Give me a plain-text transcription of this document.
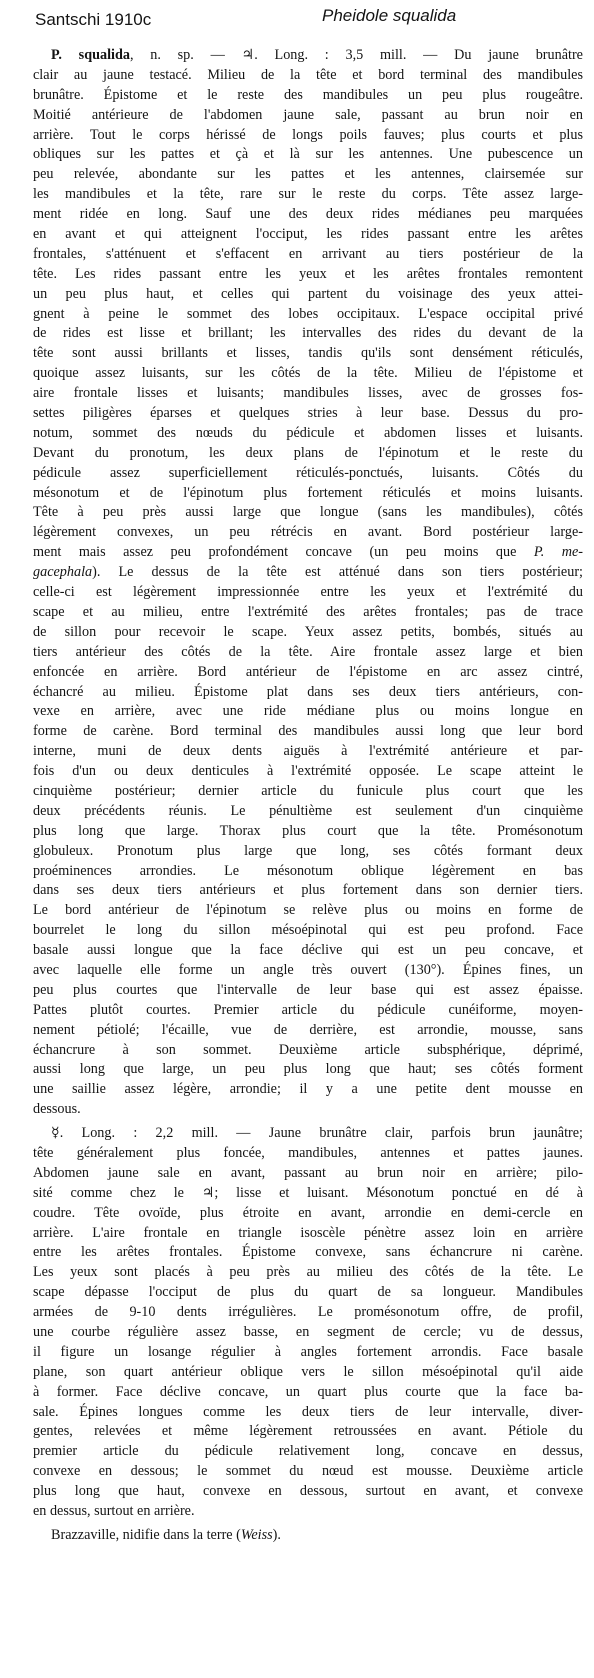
Santschi 1910c	Pheidole squalida
P. squalida, n. sp. — ♃. Long. : 3,5 mill. — Du jaune brunâtre
clair au jaune testacé. Milieu de la tête et bord terminal des mandibules
brunâtre. Épistome et le reste des mandibules un peu plus rougeâtre.
Moitié antérieure de l'abdomen jaune sale, passant au brun noir en
arrière. Tout le corps hérissé de longs poils fauves; plus courts et plus
obliques sur les pattes et çà et là sur les antennes. Une pubescence un
peu relevée, abondante sur les pattes et les antennes, clairsemée sur
les mandibules et la tête, rare sur le reste du corps. Tête assez large-
ment ridée en long. Sauf une des deux rides médianes peu marquées
en avant et qui atteignent l'occiput, les rides passant entre les arêtes
frontales, s'atténuent et s'effacent en arrivant au tiers postérieur de la
tête. Les rides passant entre les yeux et les arêtes frontales remontent
un peu plus haut, et celles qui partent du voisinage des yeux attei-
gnent à peine le sommet des lobes occipitaux. L'espace occipital privé
de rides est lisse et brillant; les intervalles des rides du devant de la
tête sont aussi brillants et lisses, tandis qu'ils sont densément réticulés,
quoique assez luisants, sur les côtés de la tête. Milieu de l'épistome et
aire frontale lisses et luisants; mandibules lisses, avec de grosses fos-
settes piligères éparses et quelques stries à leur base. Dessus du pro-
notum, sommet des nœuds du pédicule et abdomen lisses et luisants.
Devant du pronotum, les deux plans de l'épinotum et le reste du
pédicule assez superficiellement réticulés-ponctués, luisants. Côtés du
mésonotum et de l'épinotum plus fortement réticulés et moins luisants.
Tête à peu près aussi large que longue (sans les mandibules), côtés
légèrement convexes, un peu rétrécis en avant. Bord postérieur large-
ment mais assez peu profondément concave (un peu moins que P. me-
gacephala). Le dessus de la tête est atténué dans son tiers postérieur;
celle-ci est légèrement impressionnée entre les yeux et l'extrémité du
scape et au milieu, entre l'extrémité des arêtes frontales; pas de trace
de sillon pour recevoir le scape. Yeux assez petits, bombés, situés au
tiers antérieur des côtés de la tête. Aire frontale assez large et bien
enfoncée en arrière. Bord antérieur de l'épistome en arc assez cintré,
échancré au milieu. Épistome plat dans ses deux tiers antérieurs, con-
vexe en arrière, avec une ride médiane plus ou moins longue en
forme de carène. Bord terminal des mandibules aussi long que leur bord
interne, muni de deux dents aiguës à l'extrémité antérieure et par-
fois d'un ou deux denticules à l'extrémité opposée. Le scape atteint le
cinquième postérieur; dernier article du funicule plus court que les
deux précédents réunis. Le pénultième est seulement d'un cinquième
plus long que large. Thorax plus court que la tête. Promésonotum
globuleux. Pronotum plus large que long, ses côtés formant deux
proéminences arrondies. Le mésonotum oblique légèrement en bas
dans ses deux tiers antérieurs et plus fortement dans son dernier tiers.
Le bord antérieur de l'épinotum se relève plus ou moins en forme de
bourrelet le long du sillon mésoépinotal qui est peu profond. Face
basale aussi longue que la face déclive qui est un peu concave, et
avec laquelle elle forme un angle très ouvert (130°). Épines fines, un
peu plus courtes que l'intervalle de leur base qui est assez épaisse.
Pattes plutôt courtes. Premier article du pédicule cunéiforme, moyen-
nement pétiolé; l'écaille, vue de derrière, est arrondie, mousse, sans
échancrure à son sommet. Deuxième article subsphérique, déprimé,
aussi long que large, un peu plus long que haut; ses côtés forment
une saillie assez légère, arrondie; il y a une petite dent mousse en
dessous.
☿. Long. : 2,2 mill. — Jaune brunâtre clair, parfois brun jaunâtre;
tête généralement plus foncée, mandibules, antennes et pattes jaunes.
Abdomen jaune sale en avant, passant au brun noir en arrière; pilo-
sité comme chez le ♃; lisse et luisant. Mésonotum ponctué en dé à
coudre. Tête ovoïde, plus étroite en avant, arrondie en demi-cercle en
arrière. L'aire frontale en triangle isoscèle pénètre assez loin en arrière
entre les arêtes frontales. Épistome convexe, sans échancrure ni carène.
Les yeux sont placés à peu près au milieu des côtés de la tête. Le
scape dépasse l'occiput de plus du quart de sa longueur. Mandibules
armées de 9-10 dents irrégulières. Le promésonotum offre, de profil,
une courbe régulière assez basse, en segment de cercle; vu de dessus,
il figure un losange régulier à angles fortement arrondis. Face basale
plane, son quart antérieur oblique vers le sillon mésoépinotal qu'il aide
à former. Face déclive concave, un quart plus courte que la face ba-
sale. Épines longues comme les deux tiers de leur intervalle, diver-
gentes, relevées et même légèrement retroussées en avant. Pétiole du
premier article du pédicule relativement long, concave en dessus,
convexe en dessous; le sommet du nœud est mousse. Deuxième article
plus long que haut, convexe en dessous, surtout en avant, et convexe
en dessus, surtout en arrière.
Brazzaville, nidifie dans la terre (Weiss).
